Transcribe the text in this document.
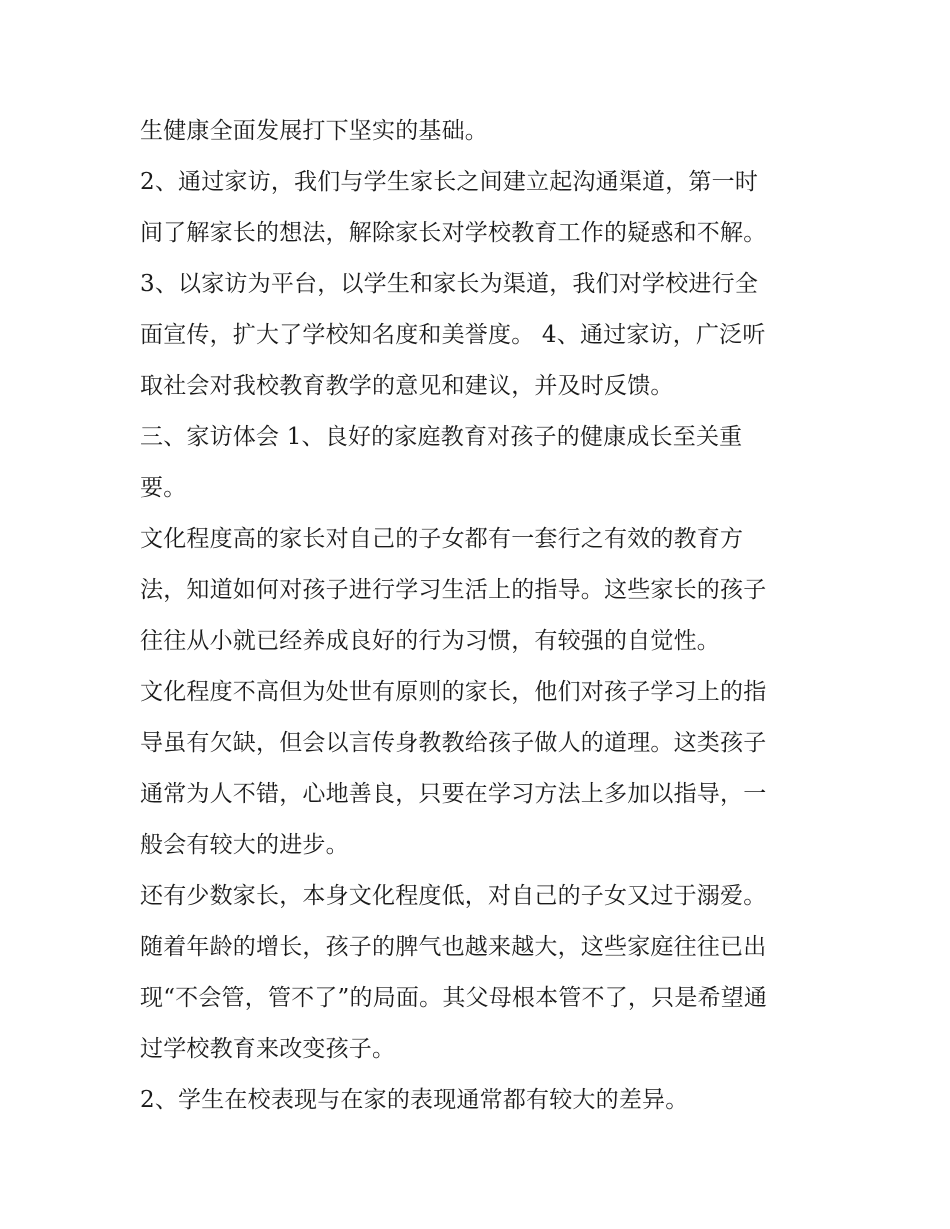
生健康全面发展打下坚实的基础。
2、通过家访，我们与学生家长之间建立起沟通渠道，第一时
间了解家长的想法，解除家长对学校教育工作的疑惑和不解。
3、以家访为平台，以学生和家长为渠道，我们对学校进行全
面宣传，扩大了学校知名度和美誉度。 4、通过家访，广泛听
取社会对我校教育教学的意见和建议，并及时反馈。
三、家访体会 1、良好的家庭教育对孩子的健康成长至关重
要。
文化程度高的家长对自己的子女都有一套行之有效的教育方
法，知道如何对孩子进行学习生活上的指导。这些家长的孩子
往往从小就已经养成良好的行为习惯，有较强的自觉性。
文化程度不高但为处世有原则的家长，他们对孩子学习上的指
导虽有欠缺，但会以言传身教教给孩子做人的道理。这类孩子
通常为人不错，心地善良，只要在学习方法上多加以指导，一
般会有较大的进步。
还有少数家长，本身文化程度低，对自己的子女又过于溺爱。
随着年龄的增长，孩子的脾气也越来越大，这些家庭往往已出
现“不会管，管不了”的局面。其父母根本管不了，只是希望通
过学校教育来改变孩子。
2、学生在校表现与在家的表现通常都有较大的差异。
